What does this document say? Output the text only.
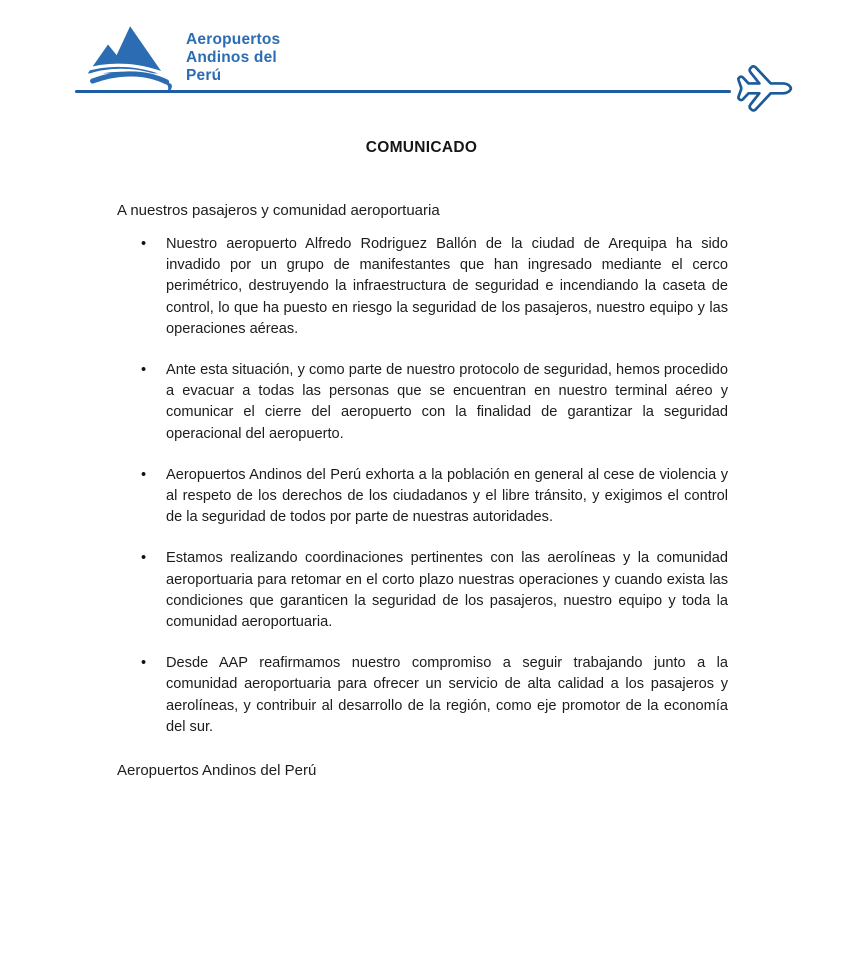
Aeropuertos
Andinos del
Perú
COMUNICADO

A nuestros pasajeros y comunidad aeroportuaria

• Nuestro aeropuerto Alfredo Rodriguez Ballón de la ciudad de Arequipa ha sido invadido por un grupo de manifestantes que han ingresado mediante el cerco perimétrico, destruyendo la infraestructura de seguridad e incendiando la caseta de control, lo que ha puesto en riesgo la seguridad de los pasajeros, nuestro equipo y las operaciones aéreas.
• Ante esta situación, y como parte de nuestro protocolo de seguridad, hemos procedido a evacuar a todas las personas que se encuentran en nuestro terminal aéreo y comunicar el cierre del aeropuerto con la finalidad de garantizar la seguridad operacional del aeropuerto.
• Aeropuertos Andinos del Perú exhorta a la población en general al cese de violencia y al respeto de los derechos de los ciudadanos y el libre tránsito, y exigimos el control de la seguridad de todos por parte de nuestras autoridades.
• Estamos realizando coordinaciones pertinentes con las aerolíneas y la comunidad aeroportuaria para retomar en el corto plazo nuestras operaciones y cuando exista las condiciones que garanticen la seguridad de los pasajeros, nuestro equipo y toda la comunidad aeroportuaria.
• Desde AAP reafirmamos nuestro compromiso a seguir trabajando junto a la comunidad aeroportuaria para ofrecer un servicio de alta calidad a los pasajeros y aerolíneas, y contribuir al desarrollo de la región, como eje promotor de la economía del sur.

Aeropuertos Andinos del Perú
